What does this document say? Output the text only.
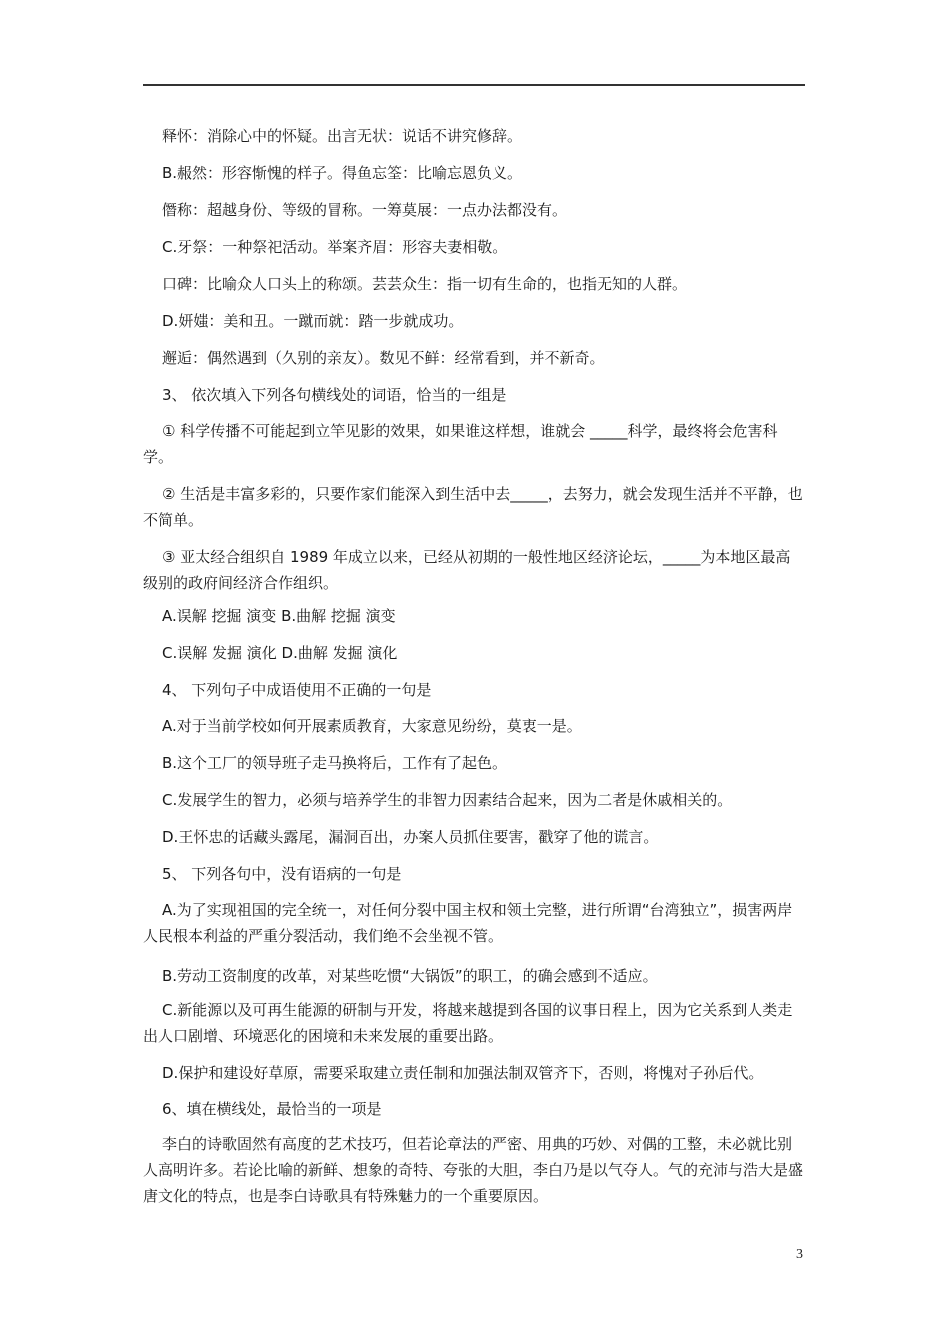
释怀：消除心中的怀疑。出言无状：说话不讲究修辞。
B.赧然：形容惭愧的样子。得鱼忘筌：比喻忘恩负义。
僭称：超越身份、等级的冒称。一筹莫展：一点办法都没有。
C.牙祭：一种祭祀活动。举案齐眉：形容夫妻相敬。
口碑：比喻众人口头上的称颂。芸芸众生：指一切有生命的，也指无知的人群。
D.妍媸：美和丑。一蹴而就：踏一步就成功。
邂逅：偶然遇到（久别的亲友）。数见不鲜：经常看到，并不新奇。
3、 依次填入下列各句横线处的词语，恰当的一组是
① 科学传播不可能起到立竿见影的效果，如果谁这样想，谁就会 _____科学，最终将会危害科学。
② 生活是丰富多彩的，只要作家们能深入到生活中去_____，去努力，就会发现生活并不平静，也不简单。
③ 亚太经合组织自 1989 年成立以来，已经从初期的一般性地区经济论坛，_____为本地区最高级别的政府间经济合作组织。
A.误解 挖掘 演变 B.曲解 挖掘 演变
C.误解 发掘 演化 D.曲解 发掘 演化
4、 下列句子中成语使用不正确的一句是
A.对于当前学校如何开展素质教育，大家意见纷纷，莫衷一是。
B.这个工厂的领导班子走马换将后，工作有了起色。
C.发展学生的智力，必须与培养学生的非智力因素结合起来，因为二者是休戚相关的。
D.王怀忠的话藏头露尾，漏洞百出，办案人员抓住要害，戳穿了他的谎言。
5、 下列各句中，没有语病的一句是
A.为了实现祖国的完全统一，对任何分裂中国主权和领土完整，进行所谓“台湾独立”，损害两岸人民根本利益的严重分裂活动，我们绝不会坐视不管。
B.劳动工资制度的改革，对某些吃惯“大锅饭”的职工，的确会感到不适应。
C.新能源以及可再生能源的研制与开发，将越来越提到各国的议事日程上，因为它关系到人类走出人口剧增、环境恶化的困境和未来发展的重要出路。
D.保护和建设好草原，需要采取建立责任制和加强法制双管齐下，否则，将愧对子孙后代。
6、填在横线处，最恰当的一项是
李白的诗歌固然有高度的艺术技巧，但若论章法的严密、用典的巧妙、对偶的工整，未必就比别人高明许多。若论比喻的新鲜、想象的奇特、夸张的大胆，李白乃是以气夺人。气的充沛与浩大是盛唐文化的特点，也是李白诗歌具有特殊魅力的一个重要原因。
3
